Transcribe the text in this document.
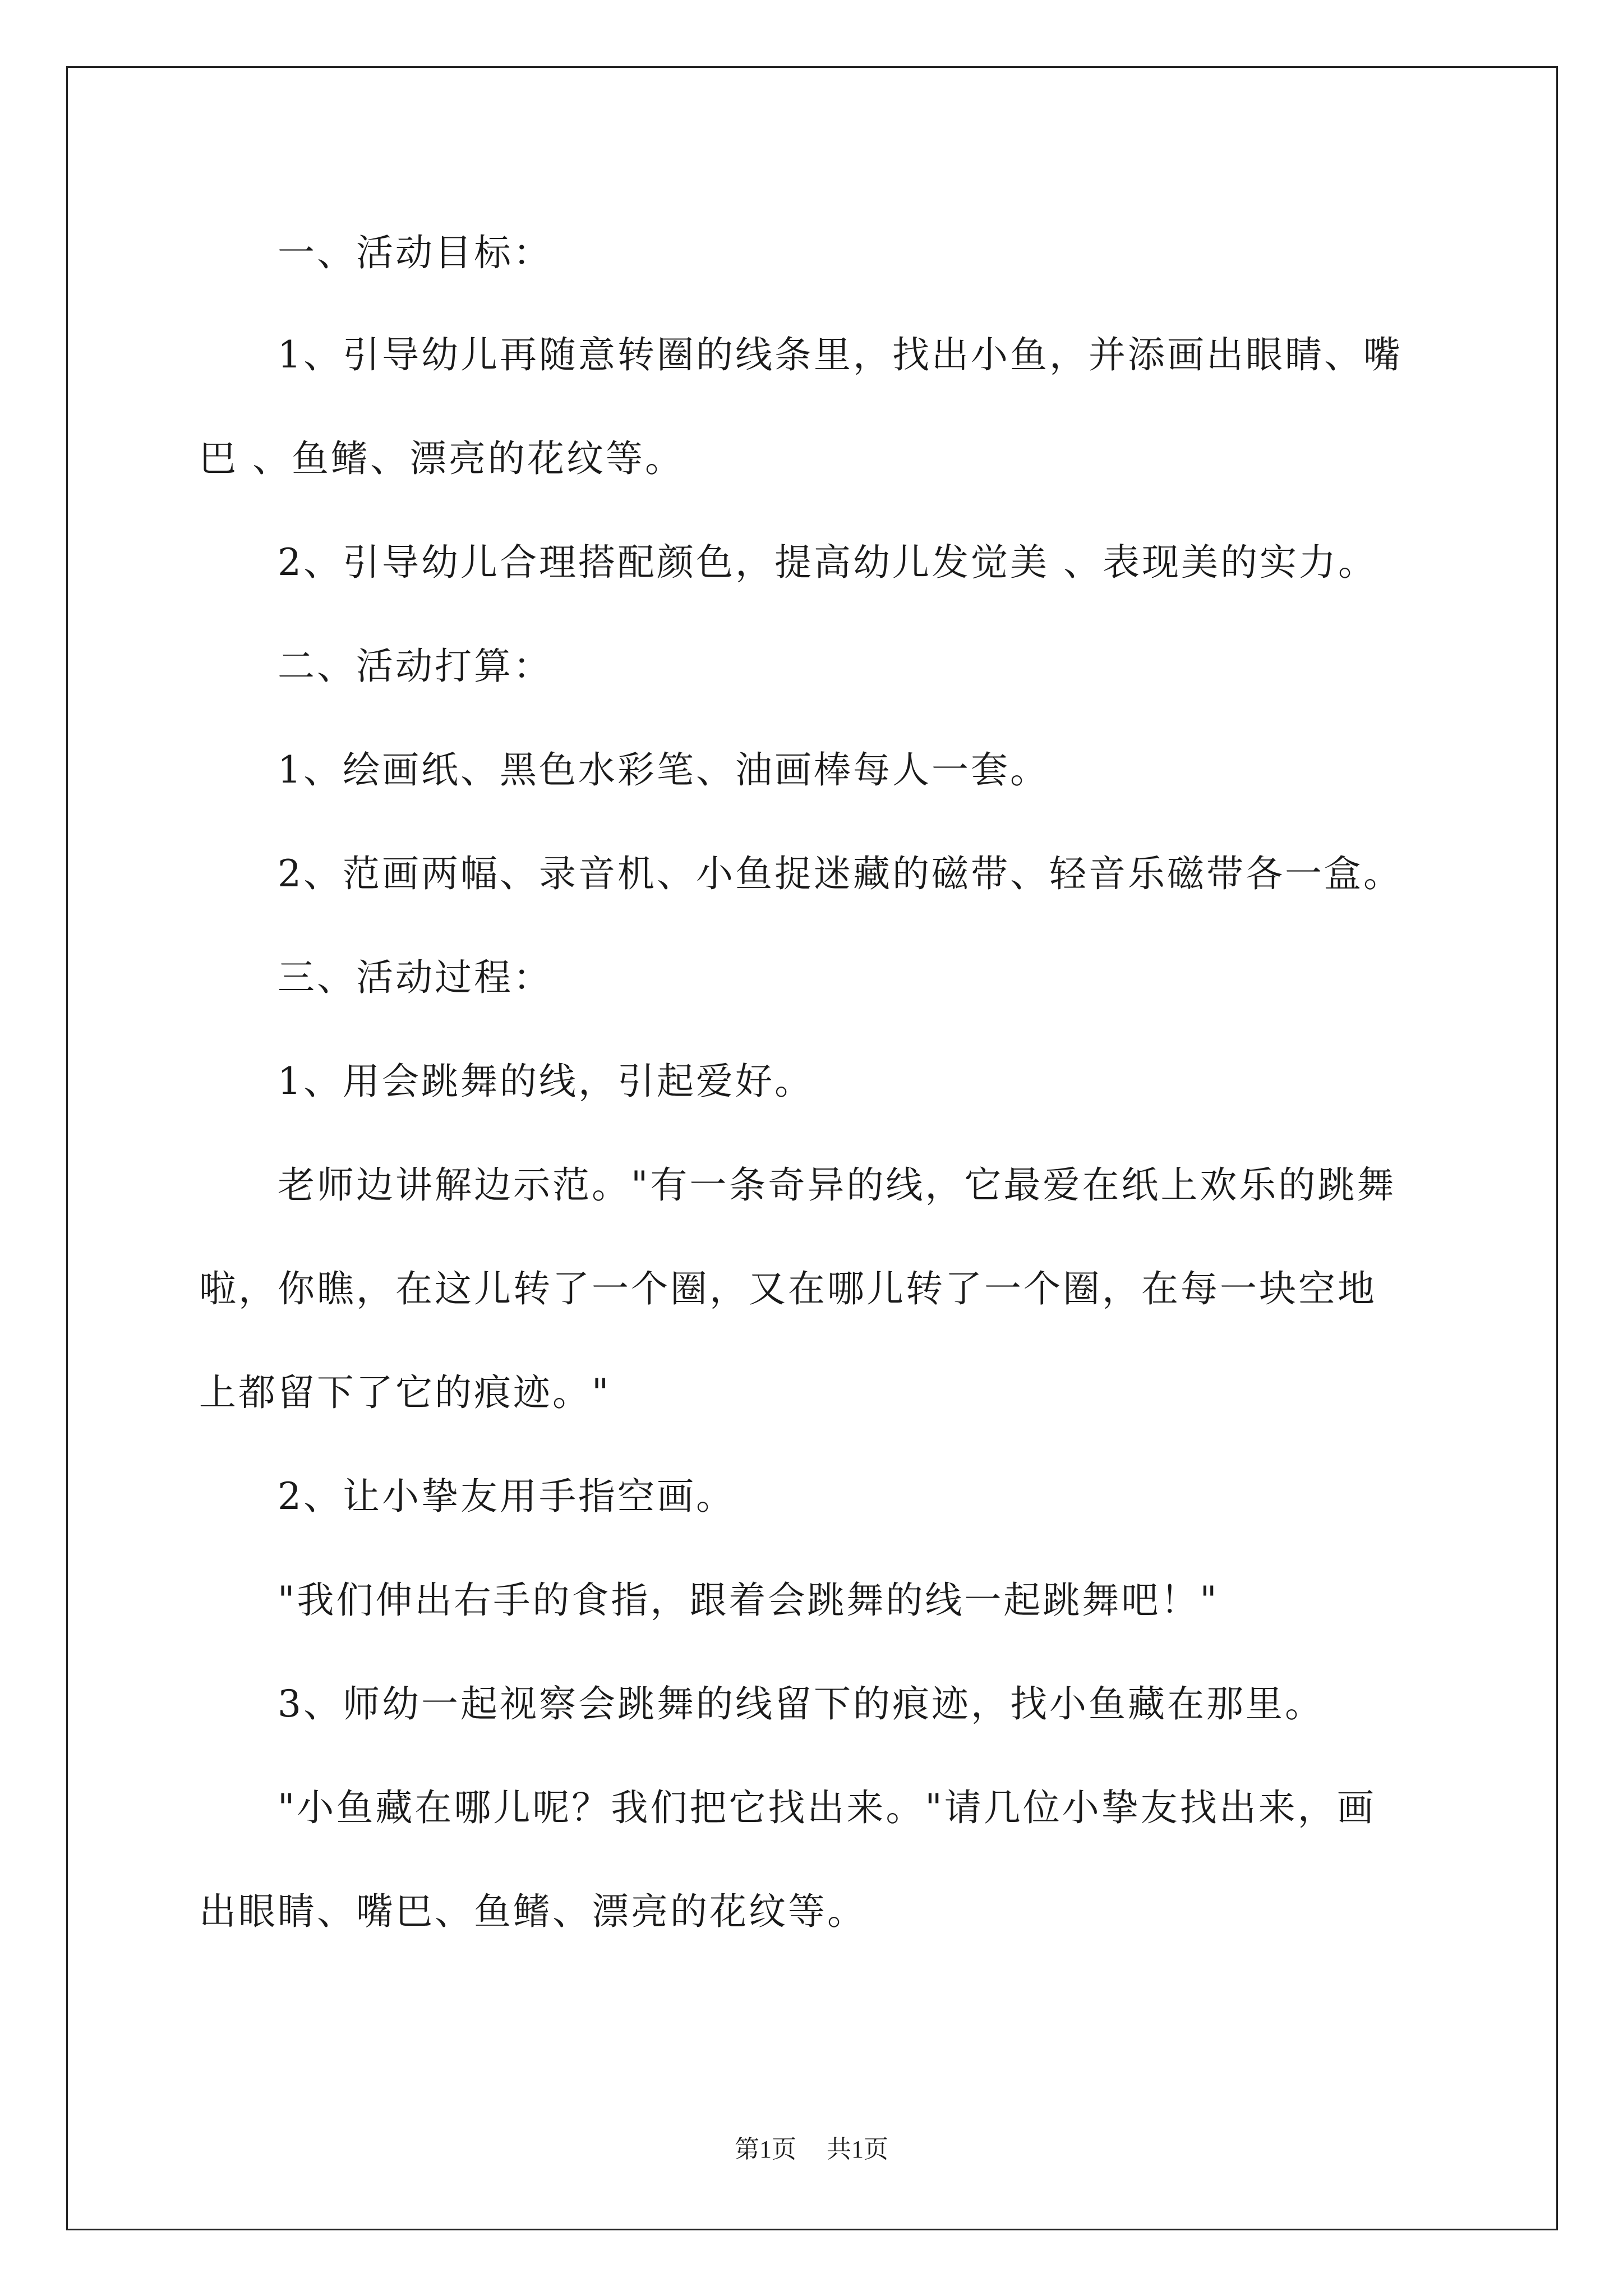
一、活动目标：
1、引导幼儿再随意转圈的线条里，找出小鱼，并添画出眼睛、嘴
巴 、鱼鳍、漂亮的花纹等。
2、引导幼儿合理搭配颜色，提高幼儿发觉美 、表现美的实力。
二、活动打算：
1、绘画纸、黑色水彩笔、油画棒每人一套。
2、范画两幅、录音机、小鱼捉迷藏的磁带、轻音乐磁带各一盒。
三、活动过程：
1、用会跳舞的线，引起爱好。
老师边讲解边示范。"有一条奇异的线，它最爱在纸上欢乐的跳舞
啦，你瞧，在这儿转了一个圈，又在哪儿转了一个圈，在每一块空地
上都留下了它的痕迹。"
2、让小挚友用手指空画。
"我们伸出右手的食指，跟着会跳舞的线一起跳舞吧！"
3、师幼一起视察会跳舞的线留下的痕迹，找小鱼藏在那里。
"小鱼藏在哪儿呢？我们把它找出来。"请几位小挚友找出来，画
出眼睛、嘴巴、鱼鳍、漂亮的花纹等。
第1页 共1页
